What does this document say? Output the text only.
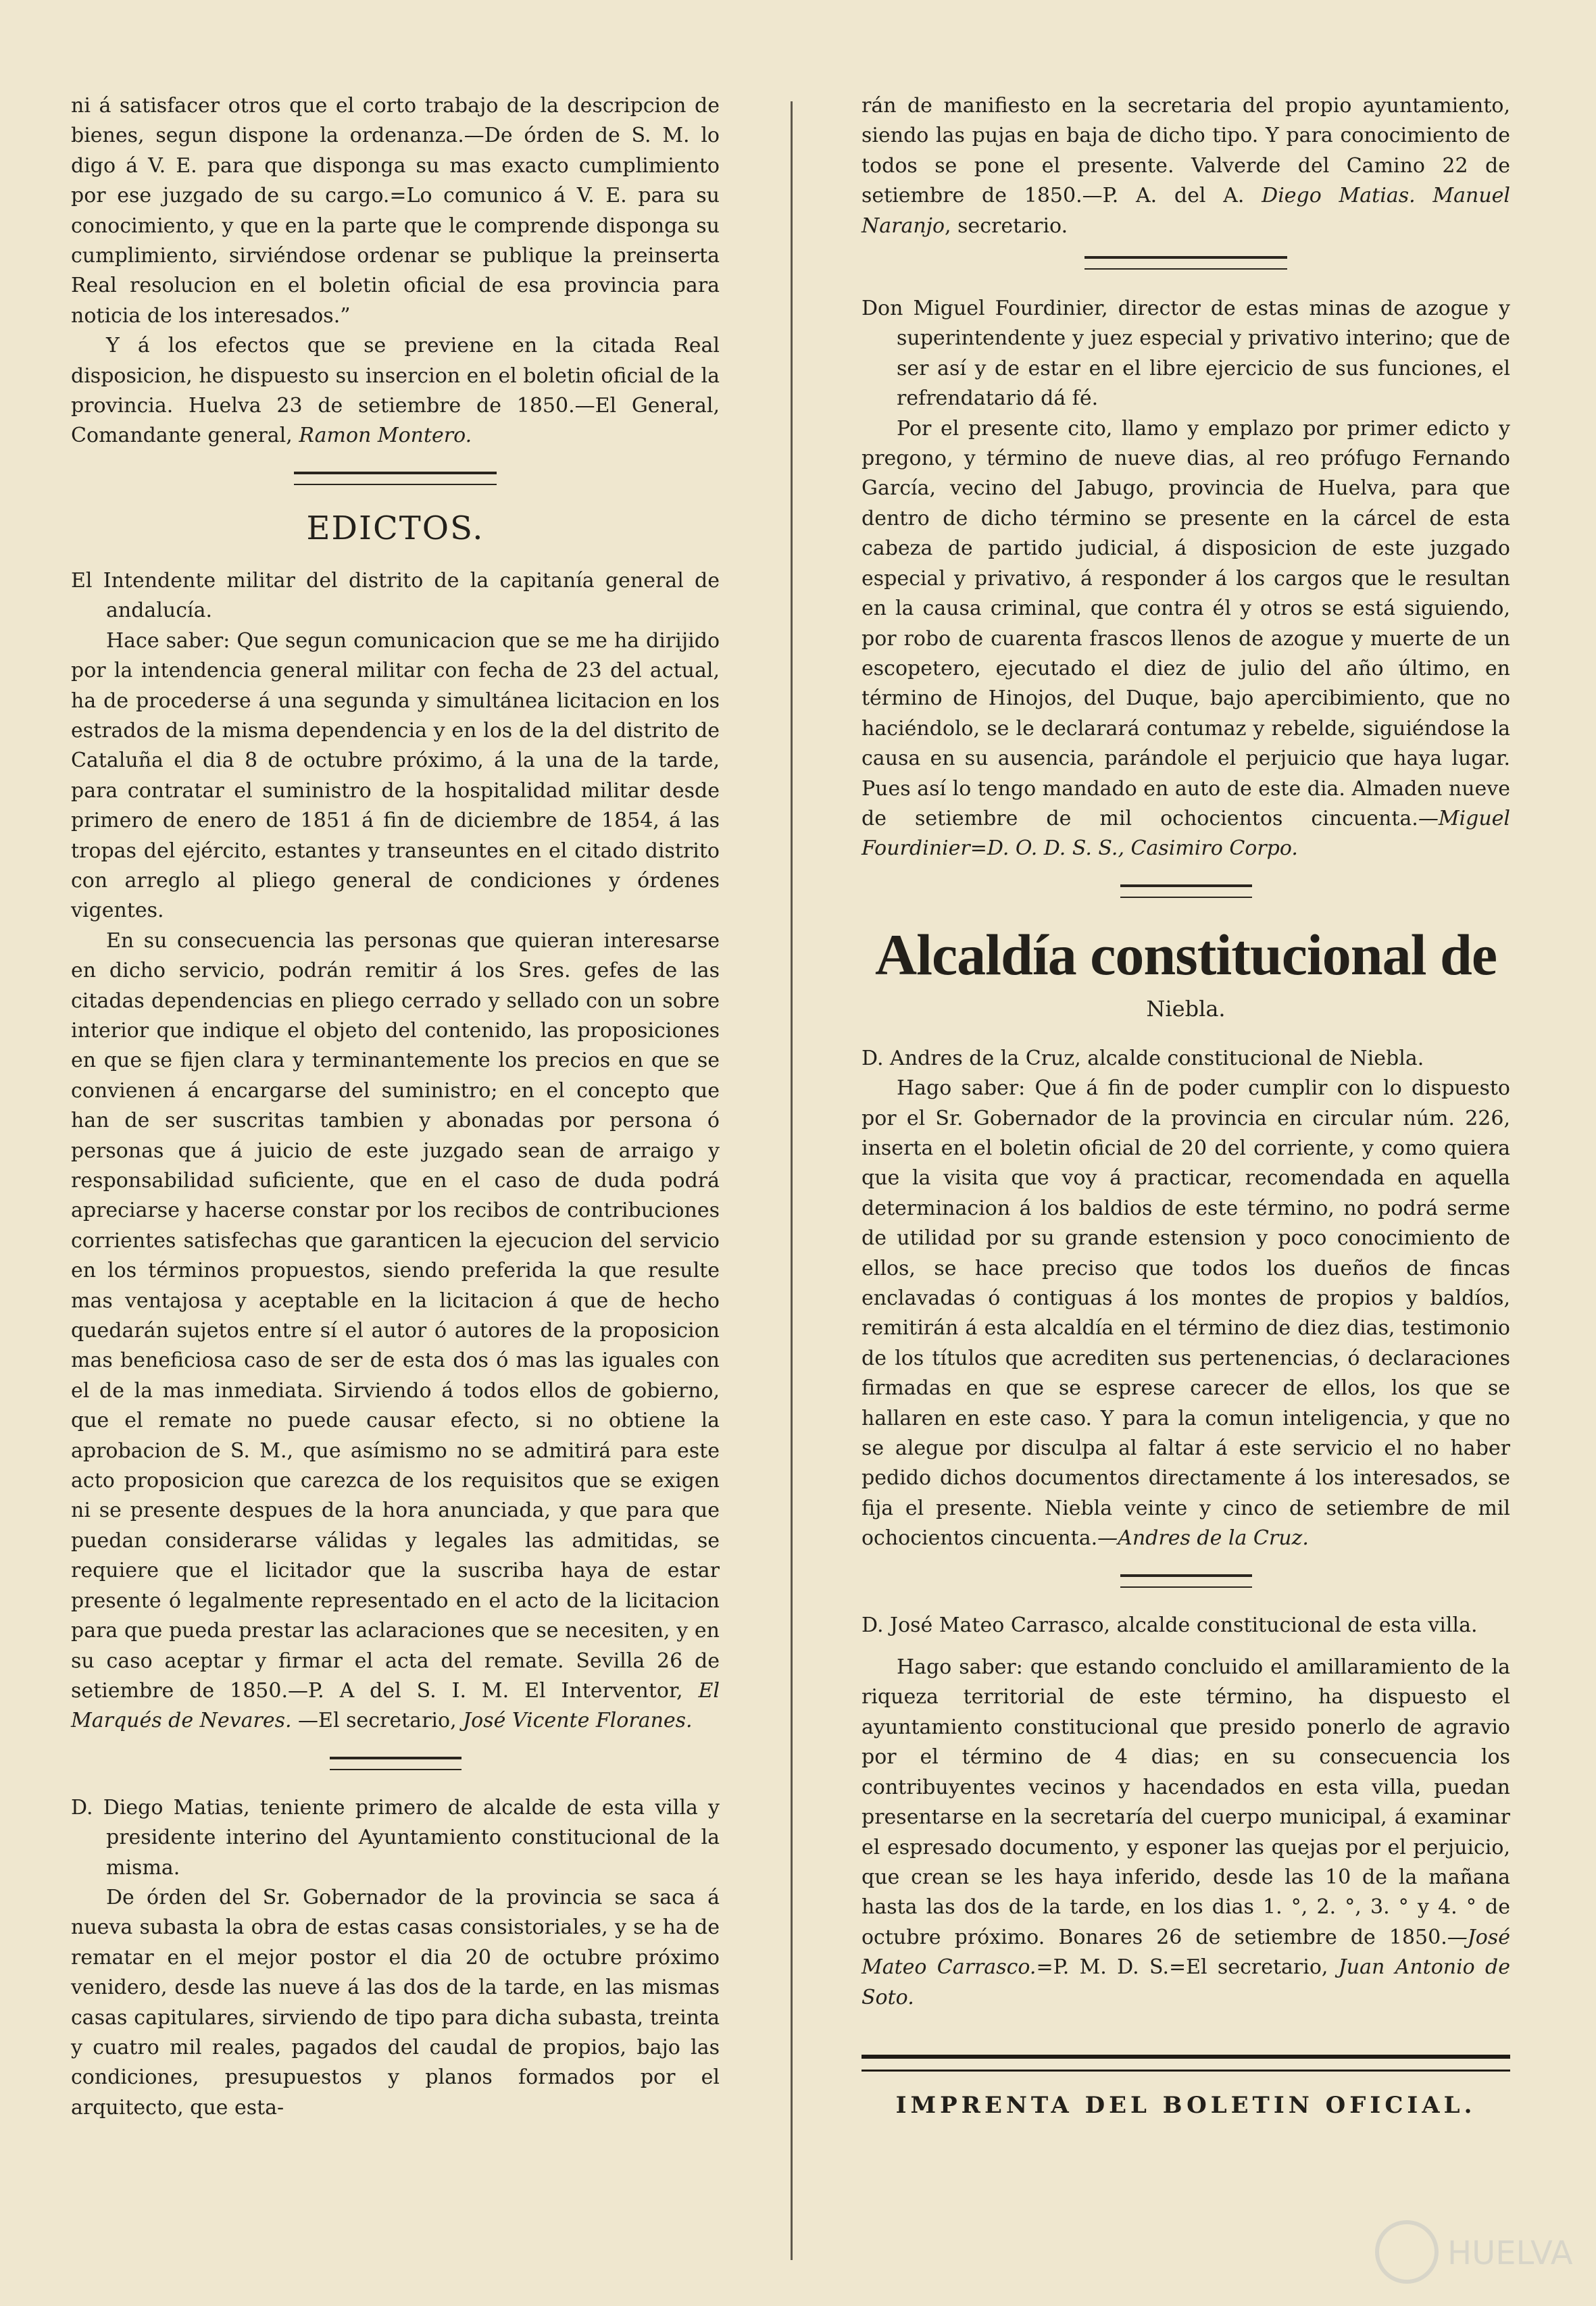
ni á satisfacer otros que el corto trabajo de la descripcion de bienes, segun dispone la ordenanza.—De órden de S. M. lo digo á V. E. para que disponga su mas exacto cumplimiento por ese juzgado de su cargo.=Lo comunico á V. E. para su conocimiento, y que en la parte que le comprende disponga su cumplimiento, sirviéndose ordenar se publique la preinserta Real resolucion en el boletin oficial de esa provincia para noticia de los interesados.”

Y á los efectos que se previene en la citada Real disposicion, he dispuesto su insercion en el boletin oficial de la provincia. Huelva 23 de setiembre de 1850.—El General, Comandante general, Ramon Montero.

EDICTOS.

El Intendente militar del distrito de la capitanía general de andalucía.

Hace saber: Que segun comunicacion que se me ha dirijido por la intendencia general militar con fecha de 23 del actual, ha de procederse á una segunda y simultánea licitacion en los estrados de la misma dependencia y en los de la del distrito de Cataluña el dia 8 de octubre próximo, á la una de la tarde, para contratar el suministro de la hospitalidad militar desde primero de enero de 1851 á fin de diciembre de 1854, á las tropas del ejército, estantes y transeuntes en el citado distrito con arreglo al pliego general de condiciones y órdenes vigentes.

En su consecuencia las personas que quieran interesarse en dicho servicio, podrán remitir á los Sres. gefes de las citadas dependencias en pliego cerrado y sellado con un sobre interior que indique el objeto del contenido, las proposiciones en que se fijen clara y terminantemente los precios en que se convienen á encargarse del suministro; en el concepto que han de ser suscritas tambien y abonadas por persona ó personas que á juicio de este juzgado sean de arraigo y responsabilidad suficiente, que en el caso de duda podrá apreciarse y hacerse constar por los recibos de contribuciones corrientes satisfechas que garanticen la ejecucion del servicio en los términos propuestos, siendo preferida la que resulte mas ventajosa y aceptable en la licitacion á que de hecho quedarán sujetos entre sí el autor ó autores de la proposicion mas beneficiosa caso de ser de esta dos ó mas las iguales con el de la mas inmediata. Sirviendo á todos ellos de gobierno, que el remate no puede causar efecto, si no obtiene la aprobacion de S. M., que asímismo no se admitirá para este acto proposicion que carezca de los requisitos que se exigen ni se presente despues de la hora anunciada, y que para que puedan considerarse válidas y legales las admitidas, se requiere que el licitador que la suscriba haya de estar presente ó legalmente representado en el acto de la licitacion para que pueda prestar las aclaraciones que se necesiten, y en su caso aceptar y firmar el acta del remate. Sevilla 26 de setiembre de 1850.—P. A del S. I. M. El Interventor, El Marqués de Nevares. —El secretario, José Vicente Floranes.

D. Diego Matias, teniente primero de alcalde de esta villa y presidente interino del Ayuntamiento constitucional de la misma.

De órden del Sr. Gobernador de la provincia se saca á nueva subasta la obra de estas casas consistoriales, y se ha de rematar en el mejor postor el dia 20 de octubre próximo venidero, desde las nueve á las dos de la tarde, en las mismas casas capitulares, sirviendo de tipo para dicha subasta, treinta y cuatro mil reales, pagados del caudal de propios, bajo las condiciones, presupuestos y planos formados por el arquitecto, que esta-

rán de manifiesto en la secretaria del propio ayuntamiento, siendo las pujas en baja de dicho tipo. Y para conocimiento de todos se pone el presente. Valverde del Camino 22 de setiembre de 1850.—P. A. del A. Diego Matias. Manuel Naranjo, secretario.

Don Miguel Fourdinier, director de estas minas de azogue y superintendente y juez especial y privativo interino; que de ser así y de estar en el libre ejercicio de sus funciones, el refrendatario dá fé.

Por el presente cito, llamo y emplazo por primer edicto y pregono, y término de nueve dias, al reo prófugo Fernando García, vecino del Jabugo, provincia de Huelva, para que dentro de dicho término se presente en la cárcel de esta cabeza de partido judicial, á disposicion de este juzgado especial y privativo, á responder á los cargos que le resultan en la causa criminal, que contra él y otros se está siguiendo, por robo de cuarenta frascos llenos de azogue y muerte de un escopetero, ejecutado el diez de julio del año último, en término de Hinojos, del Duque, bajo apercibimiento, que no haciéndolo, se le declarará contumaz y rebelde, siguiéndose la causa en su ausencia, parándole el perjuicio que haya lugar. Pues así lo tengo mandado en auto de este dia. Almaden nueve de setiembre de mil ochocientos cincuenta.—Miguel Fourdinier=D. O. D. S. S., Casimiro Corpo.

Alcaldía constitucional de
Niebla.

D. Andres de la Cruz, alcalde constitucional de Niebla.

Hago saber: Que á fin de poder cumplir con lo dispuesto por el Sr. Gobernador de la provincia en circular núm. 226, inserta en el boletin oficial de 20 del corriente, y como quiera que la visita que voy á practicar, recomendada en aquella determinacion á los baldios de este término, no podrá serme de utilidad por su grande estension y poco conocimiento de ellos, se hace preciso que todos los dueños de fincas enclavadas ó contiguas á los montes de propios y baldíos, remitirán á esta alcaldía en el término de diez dias, testimonio de los títulos que acrediten sus pertenencias, ó declaraciones firmadas en que se esprese carecer de ellos, los que se hallaren en este caso. Y para la comun inteligencia, y que no se alegue por disculpa al faltar á este servicio el no haber pedido dichos documentos directamente á los interesados, se fija el presente. Niebla veinte y cinco de setiembre de mil ochocientos cincuenta.—Andres de la Cruz.

D. José Mateo Carrasco, alcalde constitucional de esta villa.

Hago saber: que estando concluido el amillaramiento de la riqueza territorial de este término, ha dispuesto el ayuntamiento constitucional que presido ponerlo de agravio por el término de 4 dias; en su consecuencia los contribuyentes vecinos y hacendados en esta villa, puedan presentarse en la secretaría del cuerpo municipal, á examinar el espresado documento, y esponer las quejas por el perjuicio, que crean se les haya inferido, desde las 10 de la mañana hasta las dos de la tarde, en los dias 1. °, 2. °, 3. ° y 4. ° de octubre próximo. Bonares 26 de setiembre de 1850.—José Mateo Carrasco.=P. M. D. S.=El secretario, Juan Antonio de Soto.

IMPRENTA DEL BOLETIN OFICIAL.
HUELVA
